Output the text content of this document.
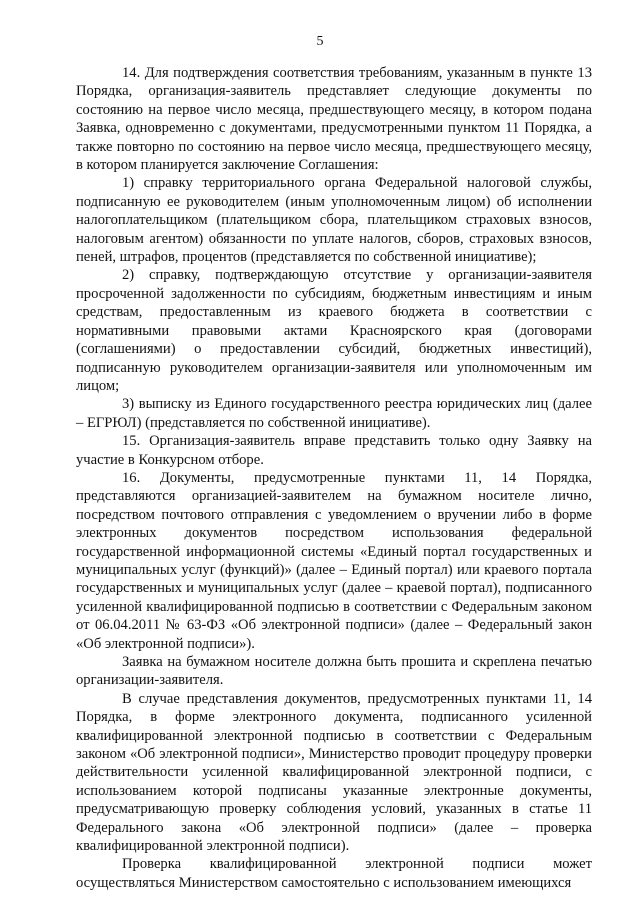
5

14. Для подтверждения соответствия требованиям, указанным в пункте 13 Порядка, организация-заявитель представляет следующие документы по состоянию на первое число месяца, предшествующего месяцу, в котором подана Заявка, одновременно с документами, предусмотренными пунктом 11 Порядка, а также повторно по состоянию на первое число месяца, предшествующего месяцу, в котором планируется заключение Соглашения:

1) справку территориального органа Федеральной налоговой службы, подписанную ее руководителем (иным уполномоченным лицом) об исполнении налогоплательщиком (плательщиком сбора, плательщиком страховых взносов, налоговым агентом) обязанности по уплате налогов, сборов, страховых взносов, пеней, штрафов, процентов (представляется по собственной инициативе);

2) справку, подтверждающую отсутствие у организации-заявителя просроченной задолженности по субсидиям, бюджетным инвестициям и иным средствам, предоставленным из краевого бюджета в соответствии с нормативными правовыми актами Красноярского края (договорами (соглашениями) о предоставлении субсидий, бюджетных инвестиций), подписанную руководителем организации-заявителя или уполномоченным им лицом;

3) выписку из Единого государственного реестра юридических лиц (далее – ЕГРЮЛ) (представляется по собственной инициативе).

15. Организация-заявитель вправе представить только одну Заявку на участие в Конкурсном отборе.

16. Документы, предусмотренные пунктами 11, 14 Порядка, представляются организацией-заявителем на бумажном носителе лично, посредством почтового отправления с уведомлением о вручении либо в форме электронных документов посредством использования федеральной государственной информационной системы «Единый портал государственных и муниципальных услуг (функций)» (далее – Единый портал) или краевого портала государственных и муниципальных услуг (далее – краевой портал), подписанного усиленной квалифицированной подписью в соответствии с Федеральным законом от 06.04.2011 № 63-ФЗ «Об электронной подписи» (далее – Федеральный закон «Об электронной подписи»).

Заявка на бумажном носителе должна быть прошита и скреплена печатью организации-заявителя.

В случае представления документов, предусмотренных пунктами 11, 14 Порядка, в форме электронного документа, подписанного усиленной квалифицированной электронной подписью в соответствии с Федеральным законом «Об электронной подписи», Министерство проводит процедуру проверки действительности усиленной квалифицированной электронной подписи, с использованием которой подписаны указанные электронные документы, предусматривающую проверку соблюдения условий, указанных в статье 11 Федерального закона «Об электронной подписи» (далее – проверка квалифицированной электронной подписи).

Проверка квалифицированной электронной подписи может осуществляться Министерством самостоятельно с использованием имеющихся
